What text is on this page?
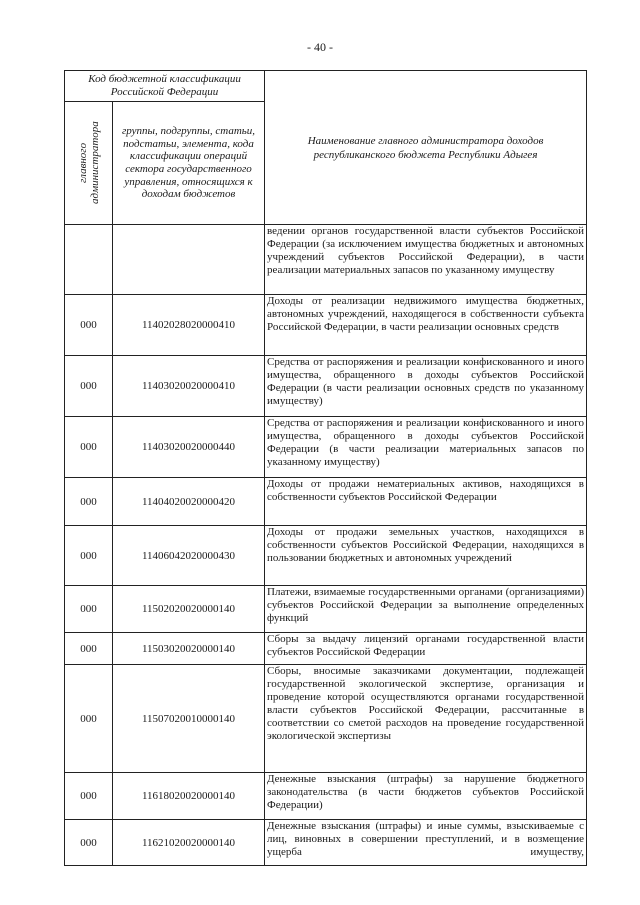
- 40 -
Код бюджетной классификации Российской Федерации		Наименование главного администратора доходов республиканского бюджета Республики Адыгея

главного администратора	группы, подгруппы, статьи, подстатьи, элемента, кода классификации операций сектора государственного управления, относящихся к доходам бюджетов	
		ведении органов государственной власти субъектов Российской Федерации (за исключением имущества бюджетных и автономных учреждений субъектов Российской Федерации), в части реализации материальных запасов по указанному имуществу
000	11402028020000410	Доходы от реализации недвижимого имущества бюджетных, автономных учреждений, находящегося в собственности субъекта Российской Федерации, в части реализации основных средств
000	11403020020000410	Средства от распоряжения и реализации конфискованного и иного имущества, обращенного в доходы субъектов Российской Федерации (в части реализации основных средств по указанному имуществу)
000	11403020020000440	Средства от распоряжения и реализации конфискованного и иного имущества, обращенного в доходы субъектов Российской Федерации (в части реализации материальных запасов по указанному имуществу)
000	11404020020000420	Доходы от продажи нематериальных активов, находящихся в собственности субъектов Российской Федерации
000	11406042020000430	Доходы от продажи земельных участков, находящихся в собственности субъектов Российской Федерации, находящихся в пользовании бюджетных и автономных учреждений
000	11502020020000140	Платежи, взимаемые государственными органами (организациями) субъектов Российской Федерации за выполнение определенных функций
000	11503020020000140	Сборы за выдачу лицензий органами государственной власти субъектов Российской Федерации
000	11507020010000140	Сборы, вносимые заказчиками документации, подлежащей государственной экологической экспертизе, организация и проведение которой осуществляются органами государственной власти субъектов Российской Федерации, рассчитанные в соответствии со сметой расходов на проведение государственной экологической экспертизы
000	11618020020000140	Денежные взыскания (штрафы) за нарушение бюджетного законодательства (в части бюджетов субъектов Российской Федерации)
000	11621020020000140	Денежные взыскания (штрафы) и иные суммы, взыскиваемые с лиц, виновных в совершении преступлений, и в возмещение ущерба имуществу,
